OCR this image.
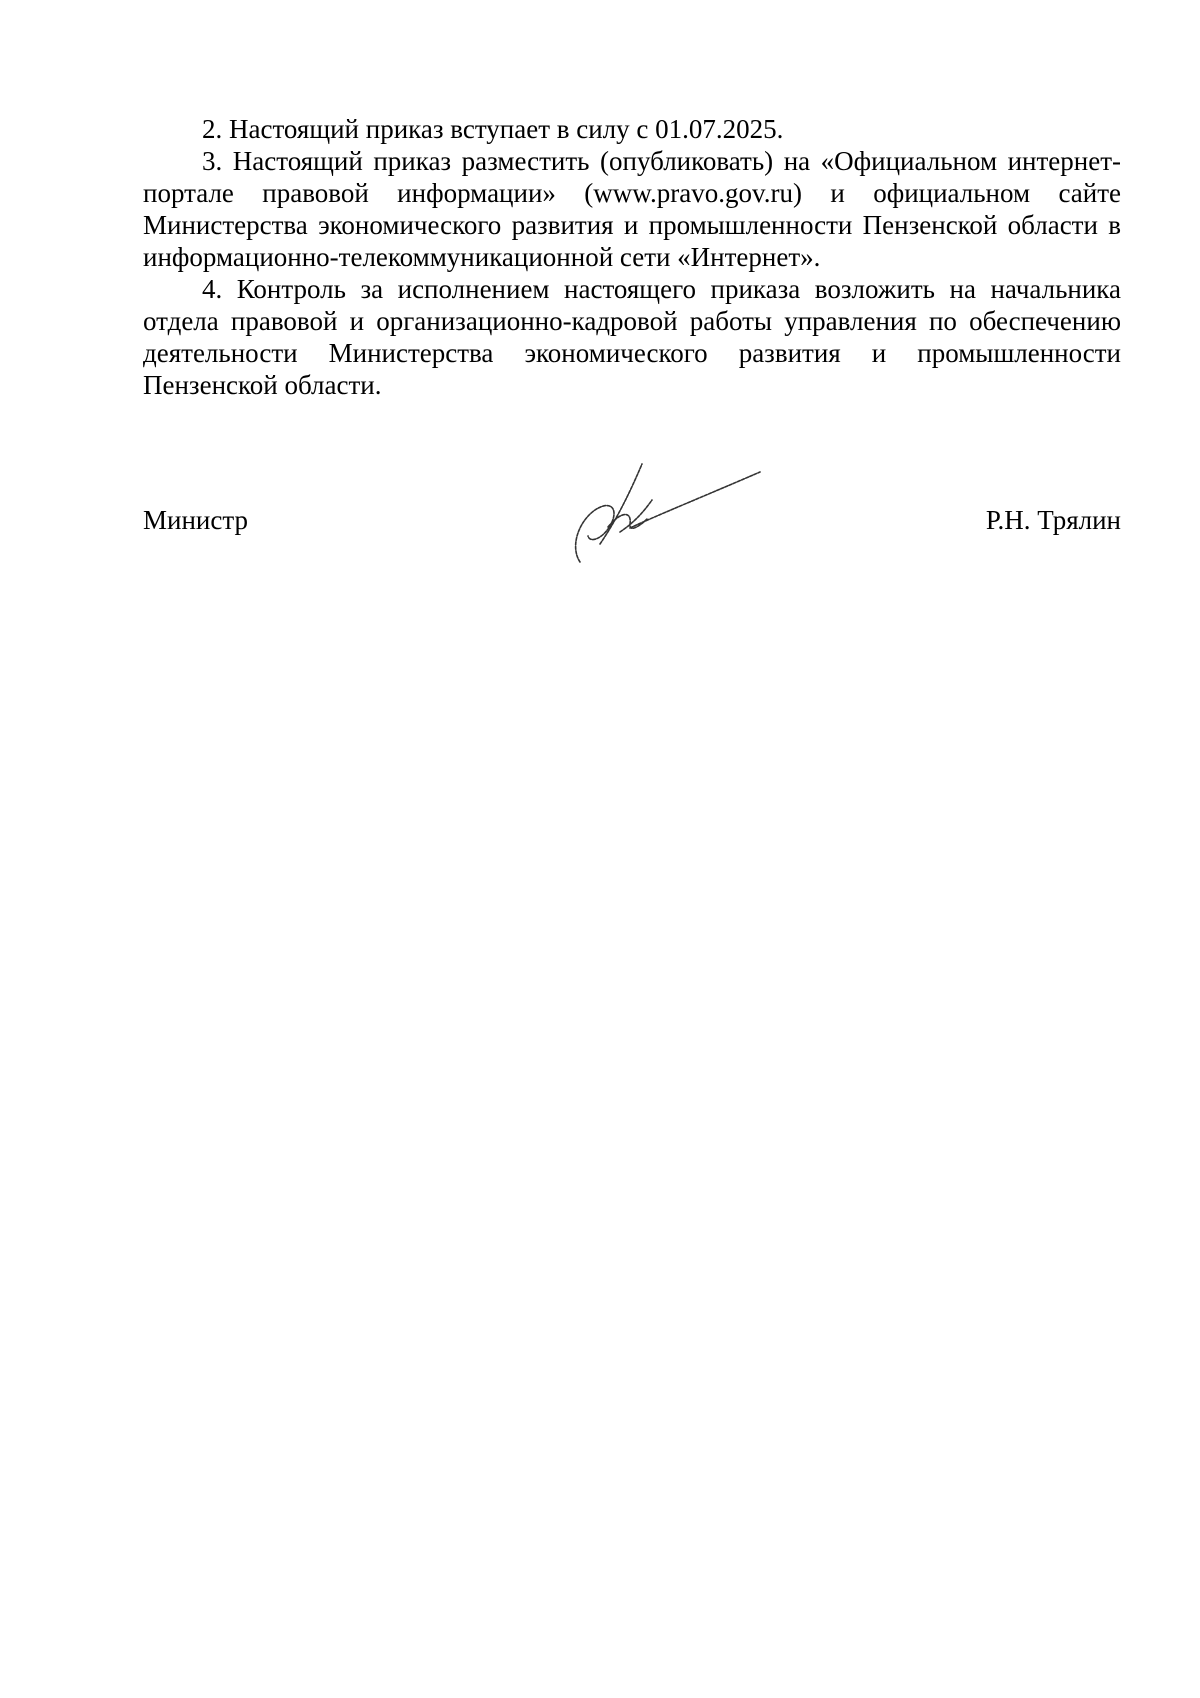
2. Настоящий приказ вступает в силу с 01.07.2025.

3. Настоящий приказ разместить (опубликовать) на «Официальном интернет-портале правовой информации» (www.pravo.gov.ru) и официальном сайте Министерства экономического развития и промышленности Пензенской области в информационно-телекоммуникационной сети «Интернет».

4. Контроль за исполнением настоящего приказа возложить на начальника отдела правовой и организационно-кадровой работы управления по обеспечению деятельности Министерства экономического развития и промышленности Пензенской области.

Министр	Р.Н. Трялин
